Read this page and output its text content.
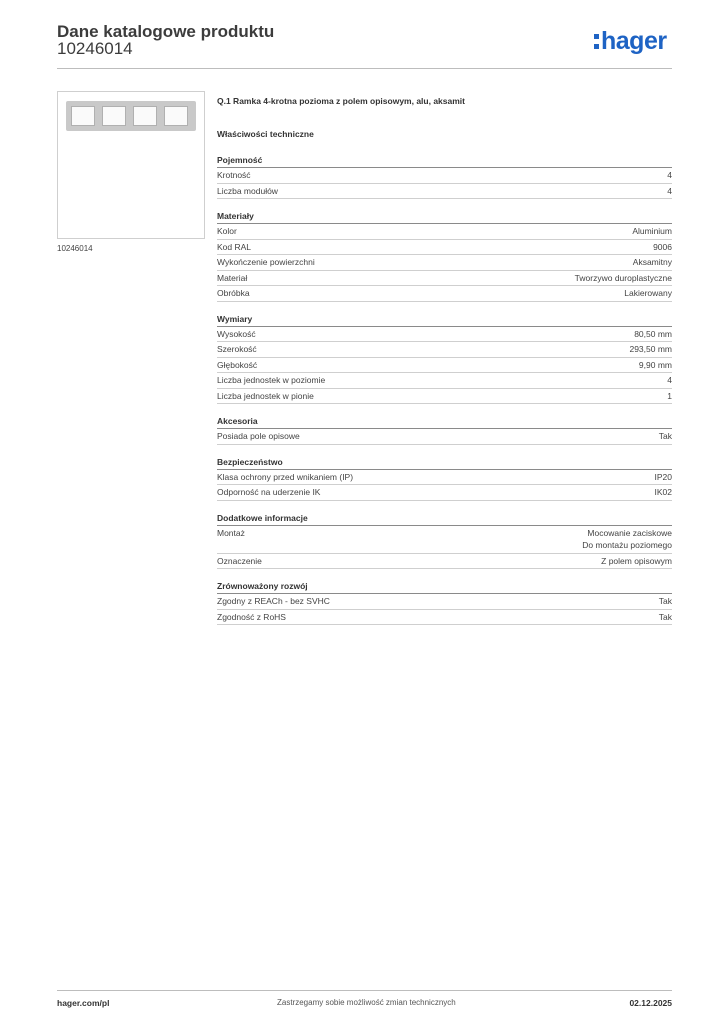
Dane katalogowe produktu
10246014	hager
10246014
Q.1 Ramka 4-krotna pozioma z polem opisowym, alu, aksamit
Właściwości techniczne
Pojemność
Krotność	4
Liczba modułów	4
Materiały
Kolor	Aluminium
Kod RAL	9006
Wykończenie powierzchni	Aksamitny
Materiał	Tworzywo duroplastyczne
Obróbka	Lakierowany
Wymiary
Wysokość	80,50 mm
Szerokość	293,50 mm
Głębokość	9,90 mm
Liczba jednostek w poziomie	4
Liczba jednostek w pionie	1
Akcesoria
Posiada pole opisowe	Tak
Bezpieczeństwo
Klasa ochrony przed wnikaniem (IP)	IP20
Odporność na uderzenie IK	IK02
Dodatkowe informacje
Montaż	Mocowanie zaciskowe
Do montażu poziomego
Oznaczenie	Z polem opisowym
Zrównoważony rozwój
Zgodny z REACh - bez SVHC	Tak
Zgodność z RoHS	Tak
hager.com/pl	Zastrzegamy sobie możliwość zmian technicznych	02.12.2025
